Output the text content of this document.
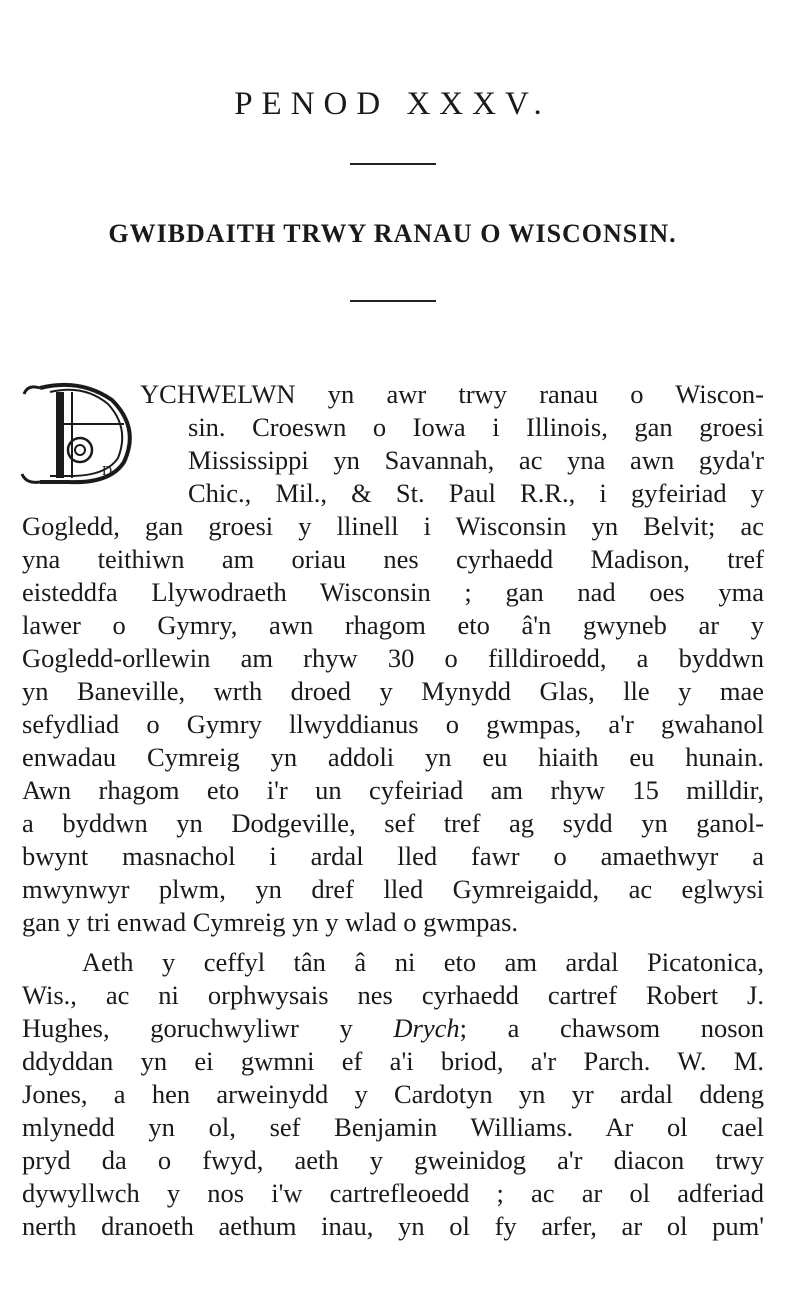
PENOD XXXV.
GWIBDAITH TRWY RANAU O WISCONSIN.
D
YCHWELWN yn awr trwy ranau o Wiscon-
sin. Croeswn o Iowa i Illinois, gan groesi
Mississippi yn Savannah, ac yna awn gyda'r
Chic., Mil., & St. Paul R.R., i gyfeiriad y
Gogledd, gan groesi y llinell i Wisconsin yn Belvit; ac
yna teithiwn am oriau nes cyrhaedd Madison, tref
eisteddfa Llywodraeth Wisconsin ; gan nad oes yma
lawer o Gymry, awn rhagom eto â'n gwyneb ar y
Gogledd-orllewin am rhyw 30 o filldiroedd, a byddwn
yn Baneville, wrth droed y Mynydd Glas, lle y mae
sefydliad o Gymry llwyddianus o gwmpas, a'r gwahanol
enwadau Cymreig yn addoli yn eu hiaith eu hunain.
Awn rhagom eto i'r un cyfeiriad am rhyw 15 milldir,
a byddwn yn Dodgeville, sef tref ag sydd yn ganol-
bwynt masnachol i ardal lled fawr o amaethwyr a
mwynwyr plwm, yn dref lled Gymreigaidd, ac eglwysi
gan y tri enwad Cymreig yn y wlad o gwmpas.
Aeth y ceffyl tân â ni eto am ardal Picatonica,
Wis., ac ni orphwysais nes cyrhaedd cartref Robert J.
Hughes, goruchwyliwr y Drych; a chawsom noson
ddyddan yn ei gwmni ef a'i briod, a'r Parch. W. M.
Jones, a hen arweinydd y Cardotyn yn yr ardal ddeng
mlynedd yn ol, sef Benjamin Williams. Ar ol cael
pryd da o fwyd, aeth y gweinidog a'r diacon trwy
dywyllwch y nos i'w cartrefleoedd ; ac ar ol adferiad
nerth dranoeth aethum inau, yn ol fy arfer, ar ol pum'
